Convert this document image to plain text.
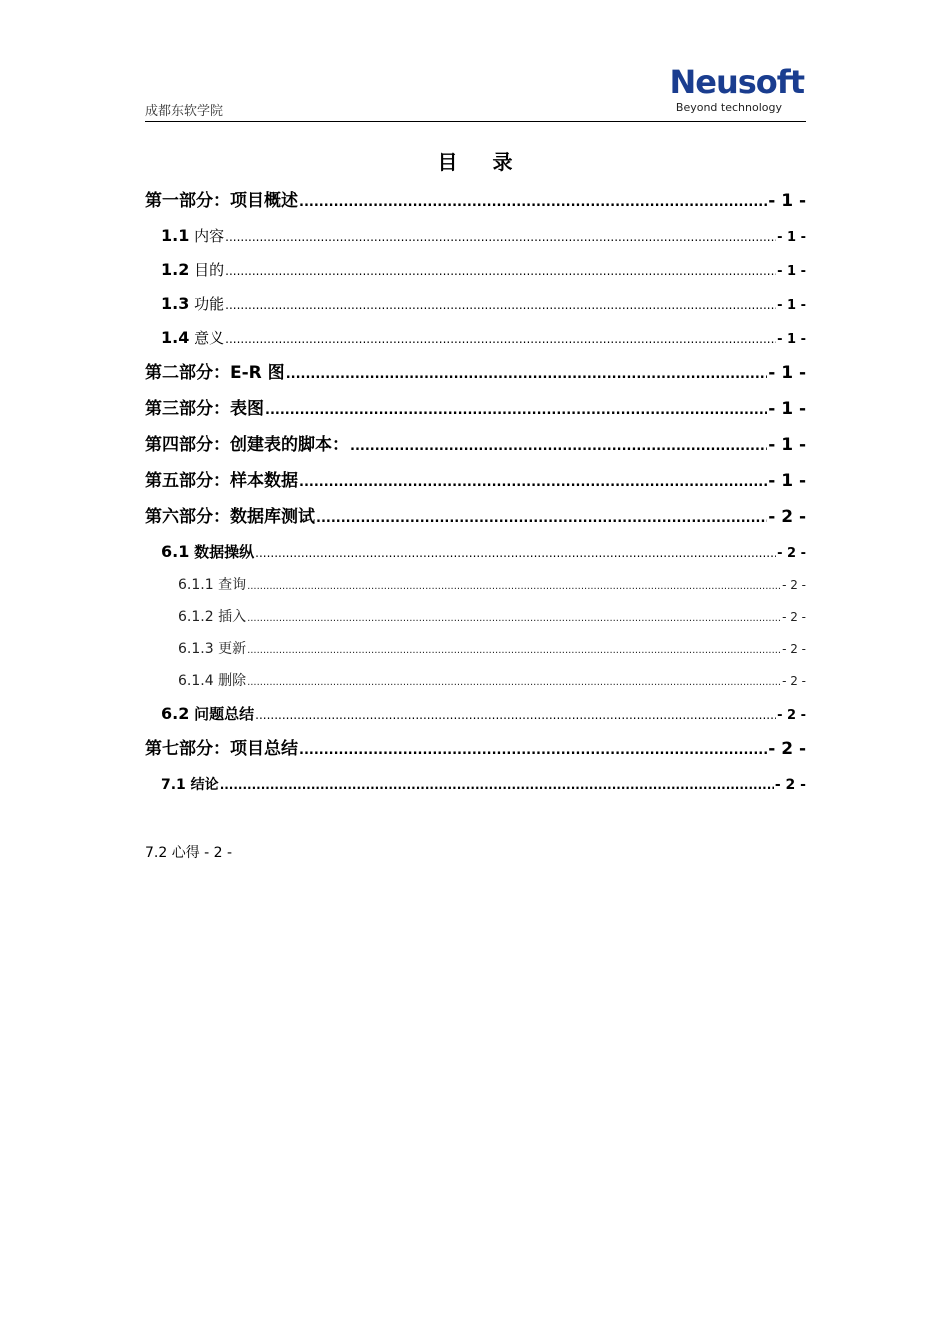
成都东软学院
Neusoft
Beyond technology
目 录
第一部分：项目概述 .....	- 1 -
1.1 内容 .....	- 1 -
1.2 目的 .....	- 1 -
1.3 功能 .....	- 1 -
1.4 意义 .....	- 1 -
第二部分：E-R 图 .....	- 1 -
第三部分：表图 .....	- 1 -
第四部分：创建表的脚本： .....	- 1 -
第五部分：样本数据 .....	- 1 -
第六部分：数据库测试 .....	- 2 -
6.1 数据操纵 .....	- 2 -
6.1.1 查询 .....	- 2 -
6.1.2 插入 .....	- 2 -
6.1.3 更新 .....	- 2 -
6.1.4 删除 .....	- 2 -
6.2 问题总结 .....	- 2 -
第七部分：项目总结 .....	- 2 -
7.1 结论 .....	- 2 -
7.2 心得 - 2 -
